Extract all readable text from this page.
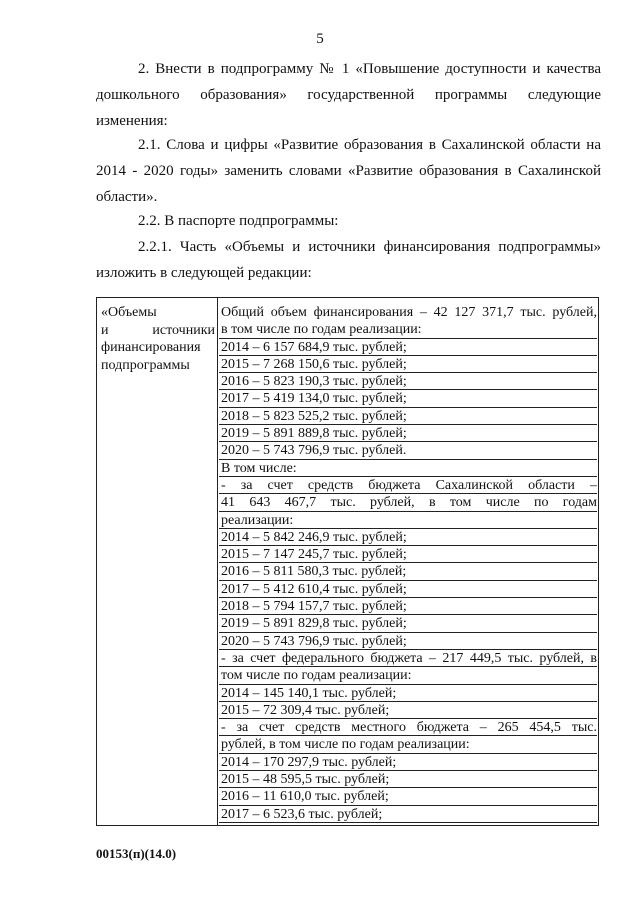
5
2. Внести в подпрограмму № 1 «Повышение доступности и качества
дошкольного образования» государственной программы следующие
изменения:
2.1. Слова и цифры «Развитие образования в Сахалинской области на
2014 - 2020 годы» заменить словами «Развитие образования в Сахалинской
области».
2.2. В паспорте подпрограммы:
2.2.1. Часть «Объемы и источники финансирования подпрограммы»
изложить в следующей редакции:
«Объемы
и источники
финансирования
подпрограммы
Общий объем финансирования – 42 127 371,7 тыс. рублей,
в том числе по годам реализации:
2014 – 6 157 684,9 тыс. рублей;
2015 – 7 268 150,6 тыс. рублей;
2016 – 5 823 190,3 тыс. рублей;
2017 – 5 419 134,0 тыс. рублей;
2018 – 5 823 525,2 тыс. рублей;
2019 – 5 891 889,8 тыс. рублей;
2020 – 5 743 796,9 тыс. рублей.
В том числе:
- за счет средств бюджета Сахалинской области –
41 643 467,7 тыс. рублей, в том числе по годам
реализации:
2014 – 5 842 246,9 тыс. рублей;
2015 – 7 147 245,7 тыс. рублей;
2016 – 5 811 580,3 тыс. рублей;
2017 – 5 412 610,4 тыс. рублей;
2018 – 5 794 157,7 тыс. рублей;
2019 – 5 891 829,8 тыс. рублей;
2020 – 5 743 796,9 тыс. рублей;
- за счет федерального бюджета – 217 449,5 тыс. рублей, в
том числе по годам реализации:
2014 – 145 140,1 тыс. рублей;
2015 – 72 309,4 тыс. рублей;
- за счет средств местного бюджета – 265 454,5 тыс.
рублей, в том числе по годам реализации:
2014 – 170 297,9 тыс. рублей;
2015 – 48 595,5 тыс. рублей;
2016 – 11 610,0 тыс. рублей;
2017 – 6 523,6 тыс. рублей;
00153(п)(14.0)
